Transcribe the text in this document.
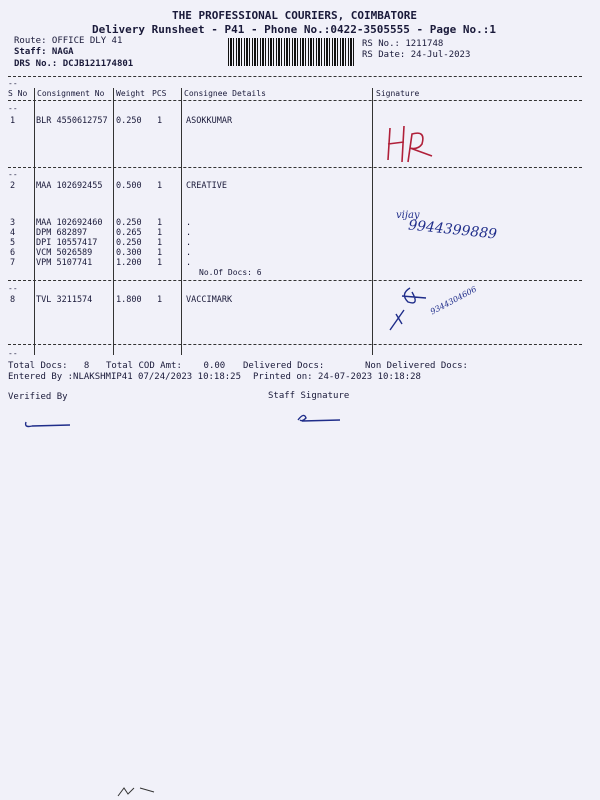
THE PROFESSIONAL COURIERS, COIMBATORE
Delivery Runsheet - P41 - Phone No.:0422-3505555 - Page No.:1
Route: OFFICE DLY 41
Staff: NAGA
DRS No.: DCJB121174801
RS No.: 1211748
RS Date: 24-Jul-2023
--
S No Consignment No Weight PCS Consignee Details	Signature
--
1 BLR 4550612757 0.250 1	ASOKKUMAR
--
2 MAA 102692455 0.500 1	CREATIVE
3 MAA 102692460 0.250 1	.
4 DPM 682897	0.265 1	.
5 DPI 10557417 0.250 1	.
6 VCM 5026589	0.300 1	.
7 VPM 5107741	1.200 1	.
No.Of Docs: 6
--
8 TVL 3211574	1.800 1	VACCIMARK
--
vijay
9944399889
9344304606
Total Docs:   8 Total COD Amt:    0.00 Delivered Docs:	Non Delivered Docs:
Entered By :NLAKSHMIP41 07/24/2023 10:18:25 Printed on: 24-07-2023 10:18:28
Verified By	Staff Signature
